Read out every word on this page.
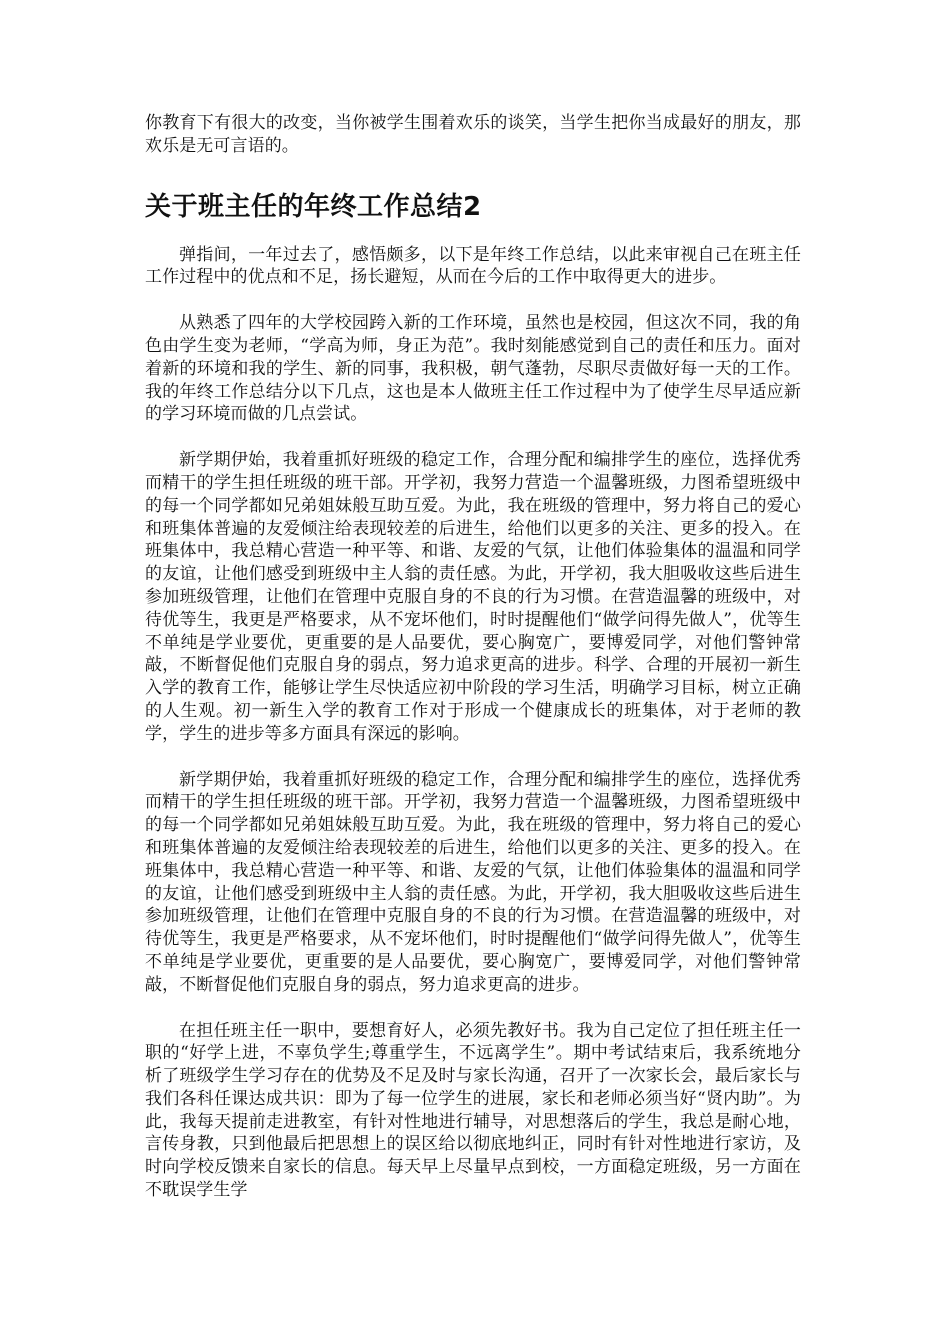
你教育下有很大的改变，当你被学生围着欢乐的谈笑，当学生把你当成最好的朋友，那欢乐是无可言语的。

关于班主任的年终工作总结2

弹指间，一年过去了，感悟颇多，以下是年终工作总结，以此来审视自己在班主任工作过程中的优点和不足，扬长避短，从而在今后的工作中取得更大的进步。

从熟悉了四年的大学校园跨入新的工作环境，虽然也是校园，但这次不同，我的角色由学生变为老师，“学高为师，身正为范”。我时刻能感觉到自己的责任和压力。面对着新的环境和我的学生、新的同事，我积极，朝气蓬勃，尽职尽责做好每一天的工作。我的年终工作总结分以下几点，这也是本人做班主任工作过程中为了使学生尽早适应新的学习环境而做的几点尝试。

新学期伊始，我着重抓好班级的稳定工作，合理分配和编排学生的座位，选择优秀而精干的学生担任班级的班干部。开学初，我努力营造一个温馨班级，力图希望班级中的每一个同学都如兄弟姐妹般互助互爱。为此，我在班级的管理中，努力将自己的爱心和班集体普遍的友爱倾注给表现较差的后进生，给他们以更多的关注、更多的投入。在班集体中，我总精心营造一种平等、和谐、友爱的气氛，让他们体验集体的温温和同学的友谊，让他们感受到班级中主人翁的责任感。为此，开学初，我大胆吸收这些后进生参加班级管理，让他们在管理中克服自身的不良的行为习惯。在营造温馨的班级中，对待优等生，我更是严格要求，从不宠坏他们，时时提醒他们“做学问得先做人”，优等生不单纯是学业要优，更重要的是人品要优，要心胸宽广，要博爱同学，对他们警钟常敲，不断督促他们克服自身的弱点，努力追求更高的进步。科学、合理的开展初一新生入学的教育工作，能够让学生尽快适应初中阶段的学习生活，明确学习目标，树立正确的人生观。初一新生入学的教育工作对于形成一个健康成长的班集体，对于老师的教学，学生的进步等多方面具有深远的影响。

新学期伊始，我着重抓好班级的稳定工作，合理分配和编排学生的座位，选择优秀而精干的学生担任班级的班干部。开学初，我努力营造一个温馨班级，力图希望班级中的每一个同学都如兄弟姐妹般互助互爱。为此，我在班级的管理中，努力将自己的爱心和班集体普遍的友爱倾注给表现较差的后进生，给他们以更多的关注、更多的投入。在班集体中，我总精心营造一种平等、和谐、友爱的气氛，让他们体验集体的温温和同学的友谊，让他们感受到班级中主人翁的责任感。为此，开学初，我大胆吸收这些后进生参加班级管理，让他们在管理中克服自身的不良的行为习惯。在营造温馨的班级中，对待优等生，我更是严格要求，从不宠坏他们，时时提醒他们“做学问得先做人”，优等生不单纯是学业要优，更重要的是人品要优，要心胸宽广，要博爱同学，对他们警钟常敲，不断督促他们克服自身的弱点，努力追求更高的进步。

在担任班主任一职中，要想育好人，必须先教好书。我为自己定位了担任班主任一职的“好学上进，不辜负学生;尊重学生，不远离学生”。期中考试结束后，我系统地分析了班级学生学习存在的优势及不足及时与家长沟通，召开了一次家长会，最后家长与我们各科任课达成共识：即为了每一位学生的进展，家长和老师必须当好“贤内助”。为此，我每天提前走进教室，有针对性地进行辅导，对思想落后的学生，我总是耐心地，言传身教，只到他最后把思想上的误区给以彻底地纠正，同时有针对性地进行家访，及时向学校反馈来自家长的信息。每天早上尽量早点到校，一方面稳定班级，另一方面在不耽误学生学
